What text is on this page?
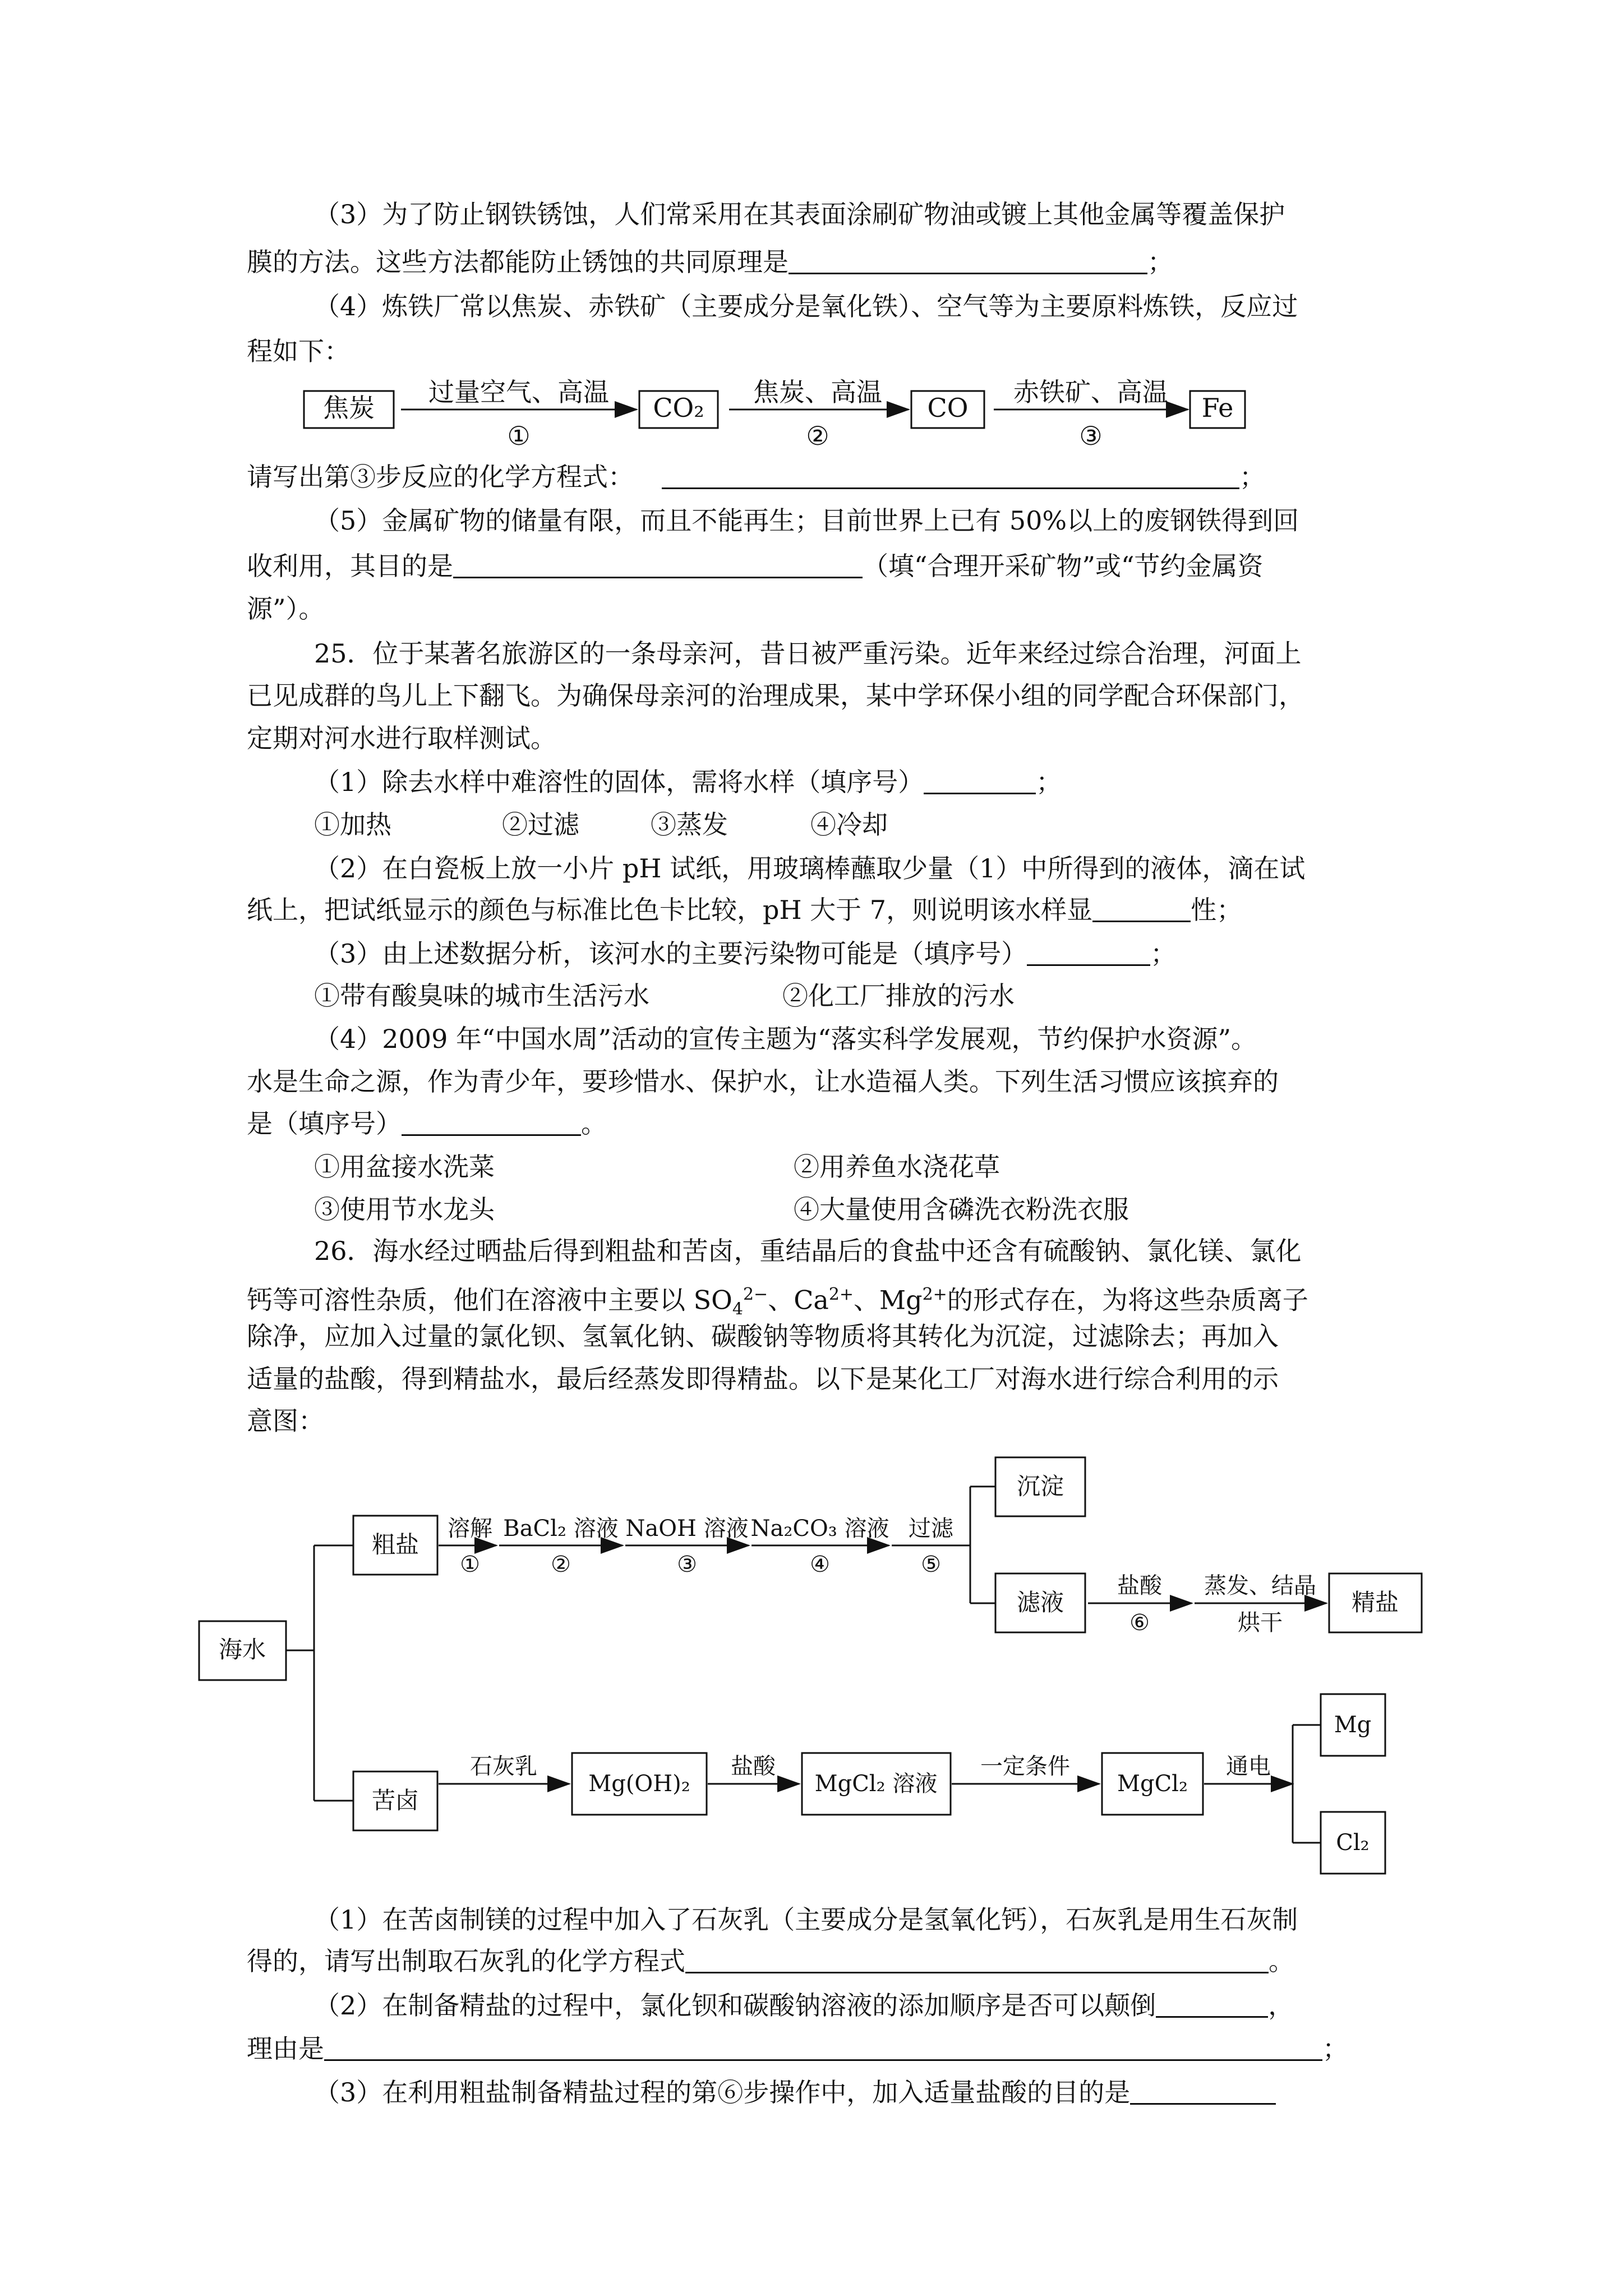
（3）为了防止钢铁锈蚀，人们常采用在其表面涂刷矿物油或镀上其他金属等覆盖保护
膜的方法。这些方法都能防止锈蚀的共同原理是	；
（4）炼铁厂常以焦炭、赤铁矿（主要成分是氧化铁）、空气等为主要原料炼铁，反应过
程如下：
焦炭
过量空气、高温
①
CO₂
焦炭、高温
②
CO
赤铁矿、高温
③
Fe
请写出第③步反应的化学方程式：	；
（5）金属矿物的储量有限，而且不能再生；目前世界上已有 50%以上的废钢铁得到回
收利用，其目的是	（填“合理开采矿物”或“节约金属资
源”）。
25．位于某著名旅游区的一条母亲河，昔日被严重污染。近年来经过综合治理，河面上
已见成群的鸟儿上下翻飞。为确保母亲河的治理成果，某中学环保小组的同学配合环保部门，
定期对河水进行取样测试。
（1）除去水样中难溶性的固体，需将水样（填序号）	；
①加热	②过滤	③蒸发	④冷却
（2）在白瓷板上放一小片 pH 试纸，用玻璃棒蘸取少量（1）中所得到的液体，滴在试
纸上，把试纸显示的颜色与标准比色卡比较，pH 大于 7，则说明该水样显	性；
（3）由上述数据分析，该河水的主要污染物可能是（填序号）	；
①带有酸臭味的城市生活污水	②化工厂排放的污水
（4）2009 年“中国水周”活动的宣传主题为“落实科学发展观，节约保护水资源”。
水是生命之源，作为青少年，要珍惜水、保护水，让水造福人类。下列生活习惯应该摈弃的
是（填序号）	。
①用盆接水洗菜	②用养鱼水浇花草
③使用节水龙头	④大量使用含磷洗衣粉洗衣服
26．海水经过晒盐后得到粗盐和苦卤，重结晶后的食盐中还含有硫酸钠、氯化镁、氯化
钙等可溶性杂质，他们在溶液中主要以 $SO_4^{2-}$、$Ca^{2+}$、$Mg^{2+}$的形式存在，为将这些杂质离子
除净，应加入过量的氯化钡、氢氧化钠、碳酸钠等物质将其转化为沉淀，过滤除去；再加入
适量的盐酸，得到精盐水，最后经蒸发即得精盐。以下是某化工厂对海水进行综合利用的示
意图：
海水
粗盐
溶解
①
BaCl₂ 溶液
②
NaOH 溶液
③
Na₂CO₃ 溶液
④
过滤
⑤
沉淀
滤液
盐酸
⑥
蒸发、结晶
烘干
精盐
苦卤
石灰乳
Mg(OH)₂
盐酸
MgCl₂ 溶液
一定条件
MgCl₂
通电
Mg
Cl₂
（1）在苦卤制镁的过程中加入了石灰乳（主要成分是氢氧化钙），石灰乳是用生石灰制
得的，请写出制取石灰乳的化学方程式	。
（2）在制备精盐的过程中，氯化钡和碳酸钠溶液的添加顺序是否可以颠倒	，
理由是	；
（3）在利用粗盐制备精盐过程的第⑥步操作中，加入适量盐酸的目的是
